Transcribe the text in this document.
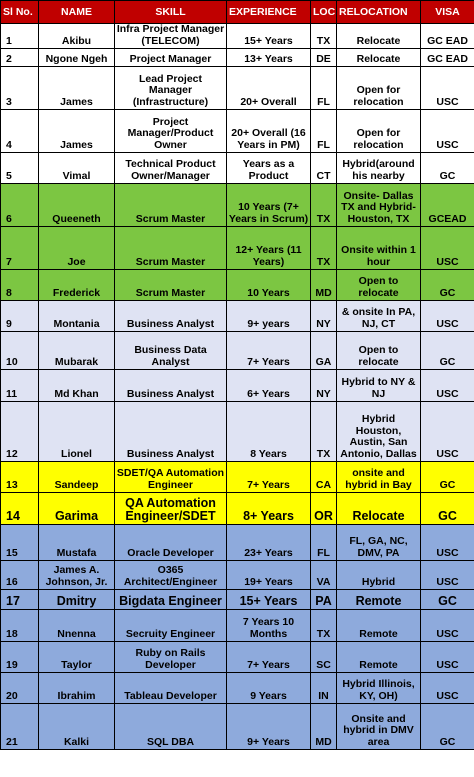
Sl No.	NAME	SKILL	EXPERIENCE	LOC	RELOCATION	VISA
1	Akibu	Infra Project Manager (TELECOM)	15+ Years	TX	Relocate	GC EAD
2	Ngone Ngeh	Project Manager	13+ Years	DE	Relocate	GC EAD
3	James	Lead Project Manager (Infrastructure)	20+ Overall	FL	Open for relocation	USC
4	James	Project Manager/Product Owner	20+ Overall (16 Years in PM)	FL	Open for relocation	USC
5	Vimal	Technical Product Owner/Manager	Years as a Product	CT	Hybrid(around his nearby	GC
6	Queeneth	Scrum Master	10 Years (7+ Years in Scrum)	TX	Onsite- Dallas TX and Hybrid- Houston, TX	GCEAD
7	Joe	Scrum Master	12+ Years (11 Years)	TX	Onsite within 1 hour	USC
8	Frederick	Scrum Master	10 Years	MD	Open to relocate	GC
9	Montania	Business Analyst	9+ years	NY	& onsite In PA, NJ, CT	USC
10	Mubarak	Business Data Analyst	7+ Years	GA	Open to relocate	GC
11	Md Khan	Business Analyst	6+ Years	NY	Hybrid to NY & NJ	USC
12	Lionel	Business Analyst	8 Years	TX	Hybrid Houston, Austin, San Antonio, Dallas	USC
13	Sandeep	SDET/QA Automation Engineer	7+ Years	CA	onsite and hybrid in Bay	GC
14	Garima	QA Automation Engineer/SDET	8+ Years	OR	Relocate	GC
15	Mustafa	Oracle Developer	23+ Years	FL	FL, GA, NC, DMV, PA	USC
16	James A. Johnson, Jr.	O365 Architect/Engineer	19+ Years	VA	Hybrid	USC
17	Dmitry	Bigdata Engineer	15+ Years	PA	Remote	GC
18	Nnenna	Secruity Engineer	7 Years 10 Months	TX	Remote	USC
19	Taylor	Ruby on Rails Developer	7+ Years	SC	Remote	USC
20	Ibrahim	Tableau Developer	9 Years	IN	Hybrid Illinois, KY, OH)	USC
21	Kalki	SQL DBA	9+ Years	MD	Onsite and hybrid in DMV area	GC
